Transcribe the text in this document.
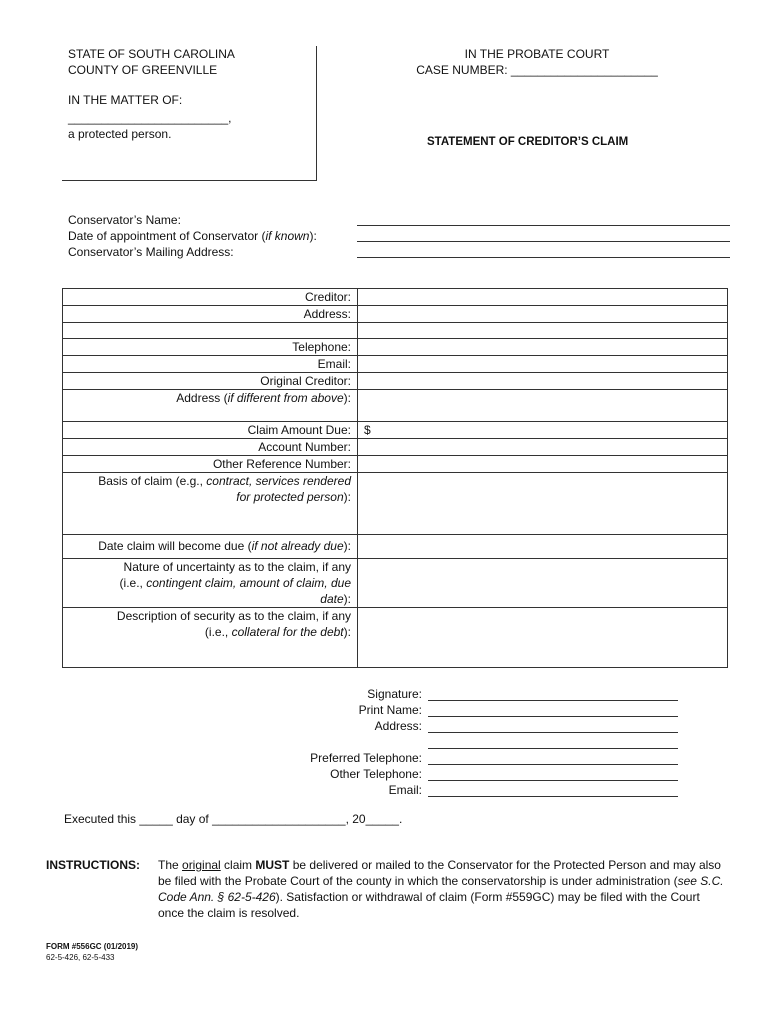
STATE OF SOUTH CAROLINA
COUNTY OF GREENVILLE
IN THE MATTER OF:
________________________,
a protected person.
IN THE PROBATE COURT
CASE NUMBER: ______________________
STATEMENT OF CREDITOR’S CLAIM
Conservator’s Name:
Date of appointment of Conservator (if known):
Conservator’s Mailing Address:
Creditor:	
Address:	

Telephone:	
Email:	
Original Creditor:	
Address (if different from above):	
Claim Amount Due:	$
Account Number:	
Other Reference Number:	
Basis of claim (e.g., contract, services rendered
for protected person):	
Date claim will become due (if not already due):	
Nature of uncertainty as to the claim, if any
(i.e., contingent claim, amount of claim, due
date):	
Description of security as to the claim, if any
(i.e., collateral for the debt):	
Signature:
Print Name:
Address:
Preferred Telephone:
Other Telephone:
Email:
Executed this _____ day of ____________________, 20_____.
INSTRUCTIONS: The original claim MUST be delivered or mailed to the Conservator for the Protected Person and may also be filed with the Probate Court of the county in which the conservatorship is under administration (see S.C. Code Ann. § 62-5-426). Satisfaction or withdrawal of claim (Form #559GC) may be filed with the Court once the claim is resolved.
FORM #556GC (01/2019)
62-5-426, 62-5-433
